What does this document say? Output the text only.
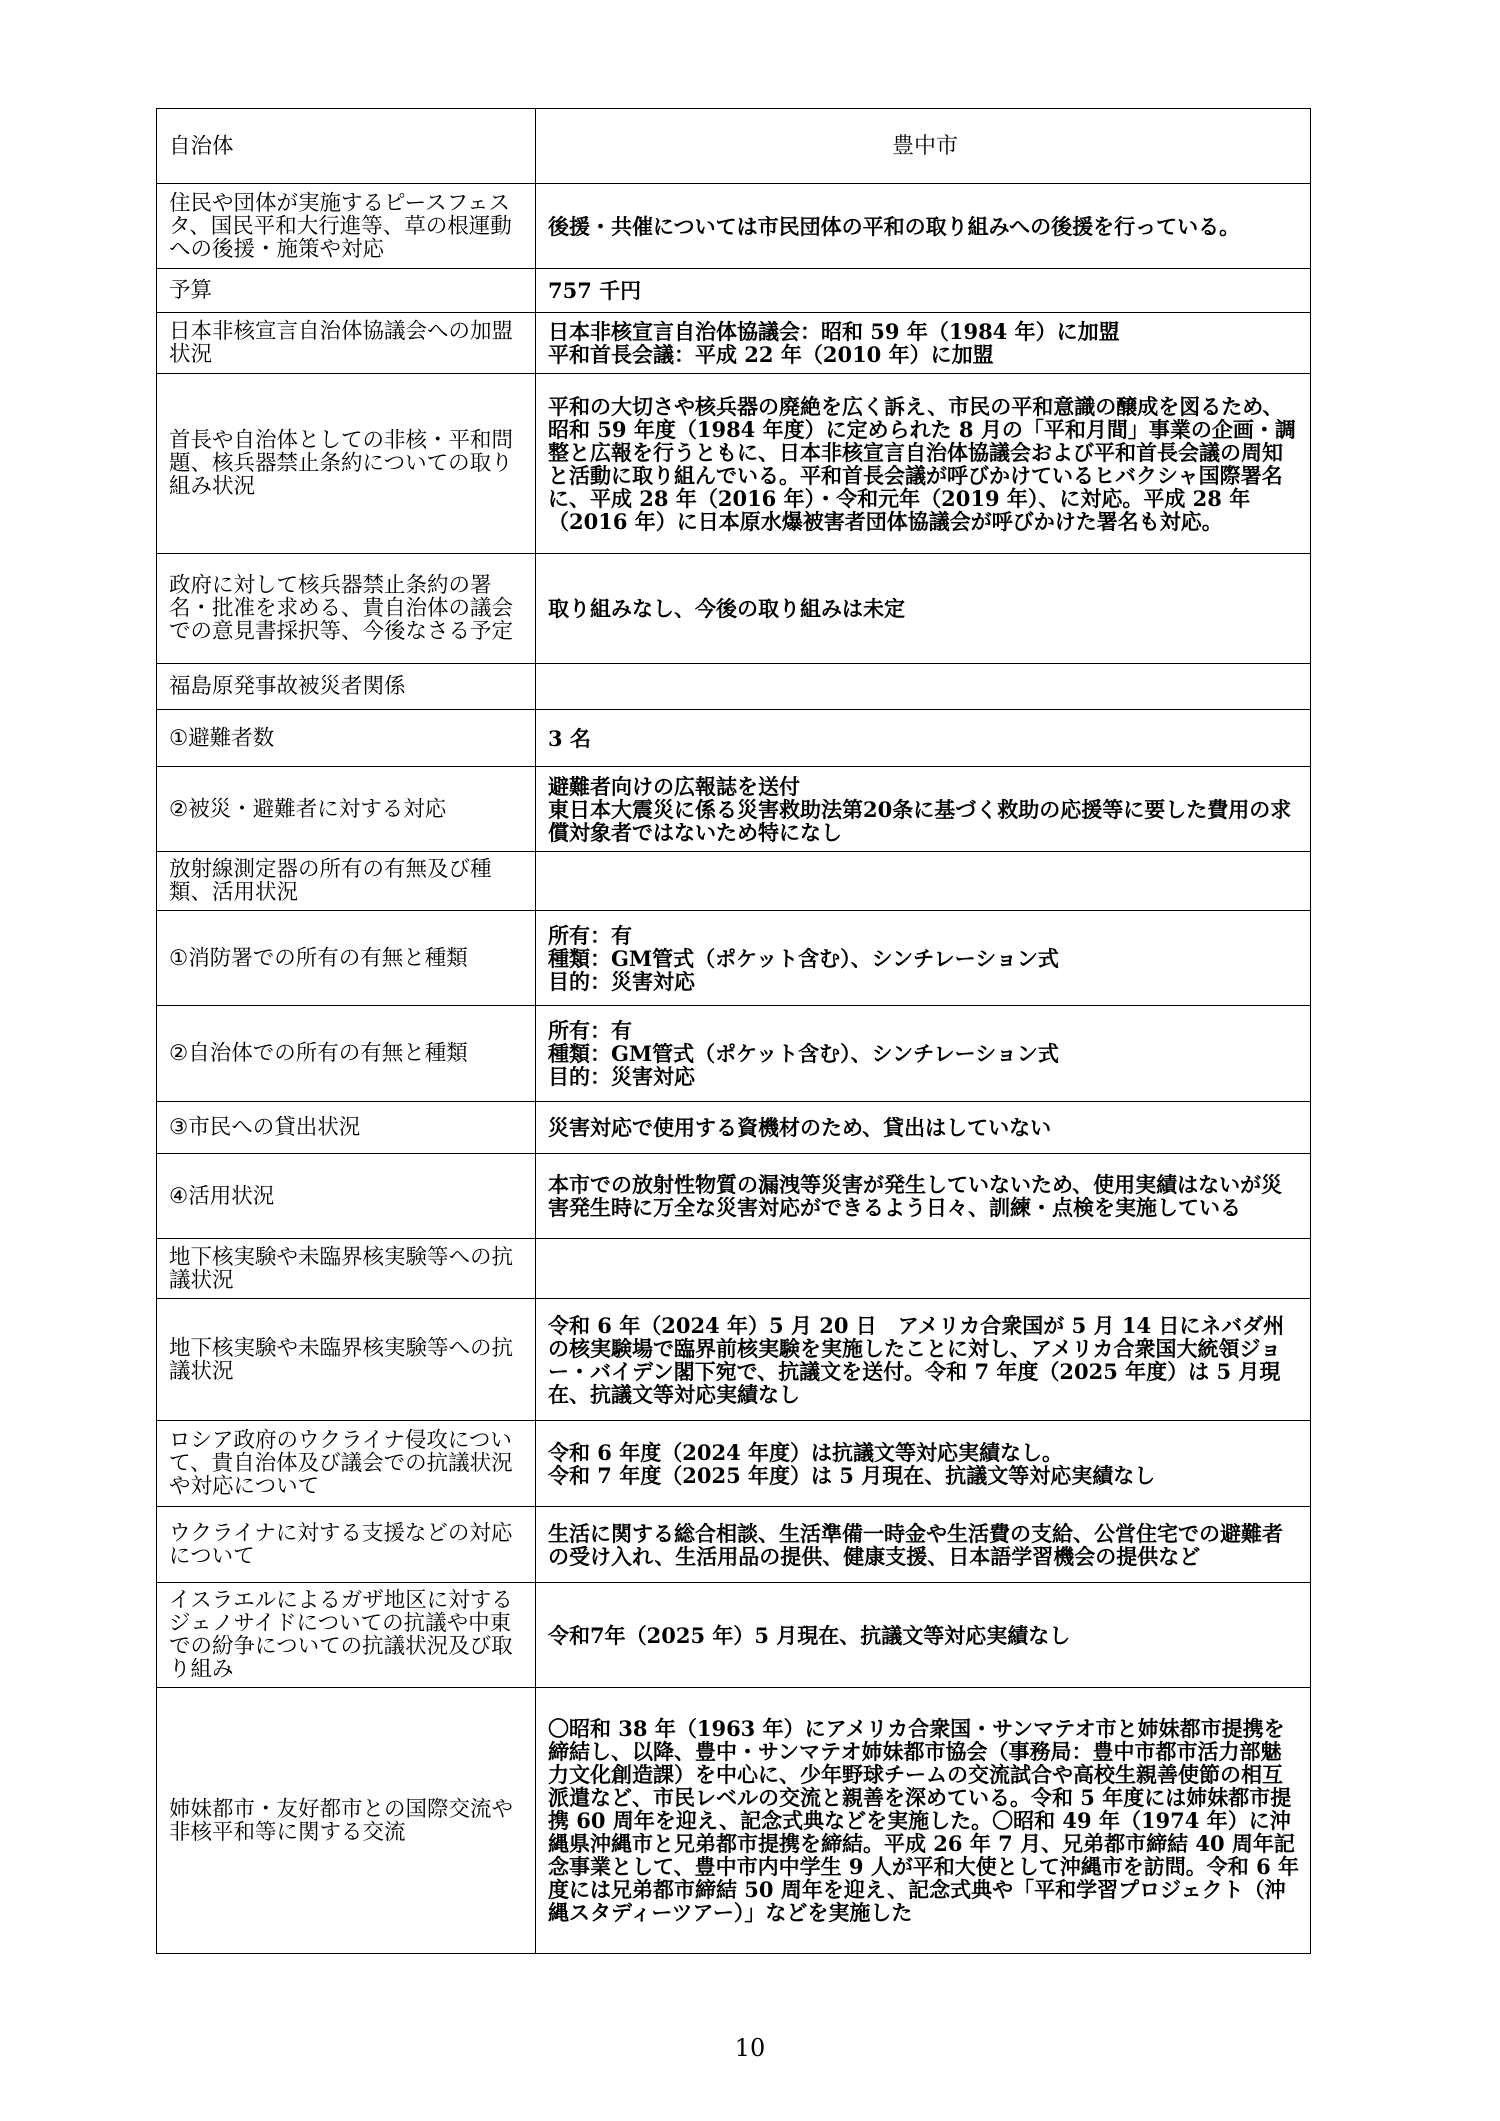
自治体	豊中市
住民や団体が実施するピースフェスタ、国民平和大行進等、草の根運動への後援・施策や対応	後援・共催については市民団体の平和の取り組みへの後援を行っている。

予算	757 千円

日本非核宣言自治体協議会への加盟状況	日本非核宣言自治体協議会：昭和 59 年（1984 年）に加盟
平和首長会議：平成 22 年（2010 年）に加盟

首長や自治体としての非核・平和問題、核兵器禁止条約についての取り組み状況	平和の大切さや核兵器の廃絶を広く訴え、市民の平和意識の醸成を図るため、昭和 59 年度（1984 年度）に定められた 8 月の「平和月間」事業の企画・調整と広報を行うともに、日本非核宣言自治体協議会および平和首長会議の周知と活動に取り組んでいる。平和首長会議が呼びかけているヒバクシャ国際署名に、平成 28 年（2016 年）・令和元年（2019 年）、に対応。平成 28 年（2016 年）に日本原水爆被害者団体協議会が呼びかけた署名も対応。

政府に対して核兵器禁止条約の署名・批准を求める、貴自治体の議会での意見書採択等、今後なさる予定	取り組みなし、今後の取り組みは未定

福島原発事故被災者関係	
①避難者数	3 名

②被災・避難者に対する対応	避難者向けの広報誌を送付
東日本大震災に係る災害救助法第20条に基づく救助の応援等に要した費用の求償対象者ではないため特になし

放射線測定器の所有の有無及び種類、活用状況	
①消防署での所有の有無と種類	所有：有
種類：GM管式（ポケット含む）、シンチレーション式
目的：災害対応

②自治体での所有の有無と種類	所有：有
種類：GM管式（ポケット含む）、シンチレーション式
目的：災害対応

③市民への貸出状況	災害対応で使用する資機材のため、貸出はしていない

④活用状況	本市での放射性物質の漏洩等災害が発生していないため、使用実績はないが災害発生時に万全な災害対応ができるよう日々、訓練・点検を実施している

地下核実験や未臨界核実験等への抗議状況	
地下核実験や未臨界核実験等への抗議状況	令和 6 年（2024 年）5 月 20 日　アメリカ合衆国が 5 月 14 日にネバダ州の核実験場で臨界前核実験を実施したことに対し、アメリカ合衆国大統領ジョー・バイデン閣下宛で、抗議文を送付。令和 7 年度（2025 年度）は 5 月現在、抗議文等対応実績なし

ロシア政府のウクライナ侵攻について、貴自治体及び議会での抗議状況や対応について	令和 6 年度（2024 年度）は抗議文等対応実績なし。
令和 7 年度（2025 年度）は 5 月現在、抗議文等対応実績なし

ウクライナに対する支援などの対応について	生活に関する総合相談、生活準備一時金や生活費の支給、公営住宅での避難者の受け入れ、生活用品の提供、健康支援、日本語学習機会の提供など

イスラエルによるガザ地区に対するジェノサイドについての抗議や中東での紛争についての抗議状況及び取り組み	令和7年（2025 年）5 月現在、抗議文等対応実績なし

姉妹都市・友好都市との国際交流や非核平和等に関する交流	〇昭和 38 年（1963 年）にアメリカ合衆国・サンマテオ市と姉妹都市提携を締結し、以降、豊中・サンマテオ姉妹都市協会（事務局：豊中市都市活力部魅力文化創造課）を中心に、少年野球チームの交流試合や高校生親善使節の相互派遣など、市民レベルの交流と親善を深めている。令和 5 年度には姉妹都市提携 60 周年を迎え、記念式典などを実施した。〇昭和 49 年（1974 年）に沖縄県沖縄市と兄弟都市提携を締結。平成 26 年 7 月、兄弟都市締結 40 周年記念事業として、豊中市内中学生 9 人が平和大使として沖縄市を訪問。令和 6 年度には兄弟都市締結 50 周年を迎え、記念式典や「平和学習プロジェクト（沖縄スタディーツアー）」などを実施した
10
